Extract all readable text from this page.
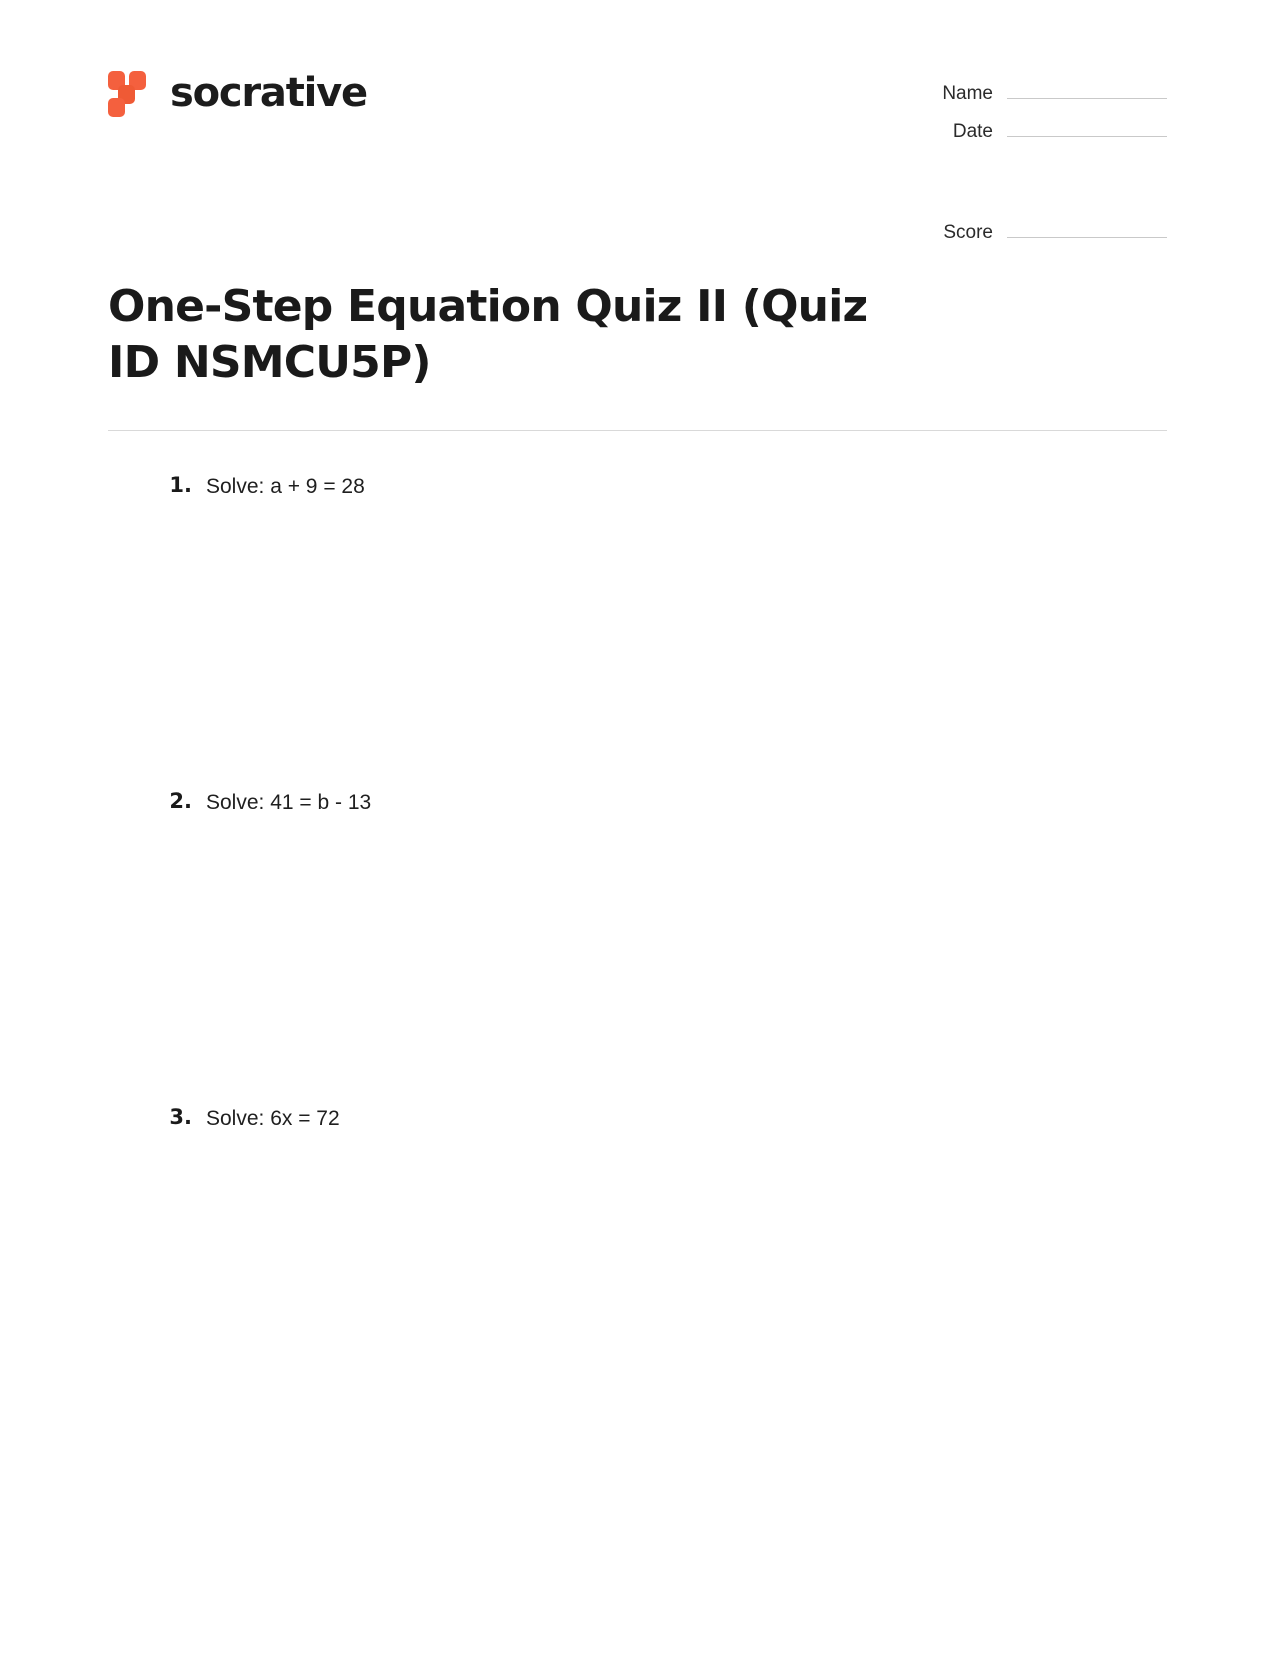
socrative	Name
Date
Score
One-Step Equation Quiz II (Quiz ID NSMCU5P)
1. Solve: a + 9 = 28
2. Solve: 41 = b - 13
3. Solve: 6x = 72
